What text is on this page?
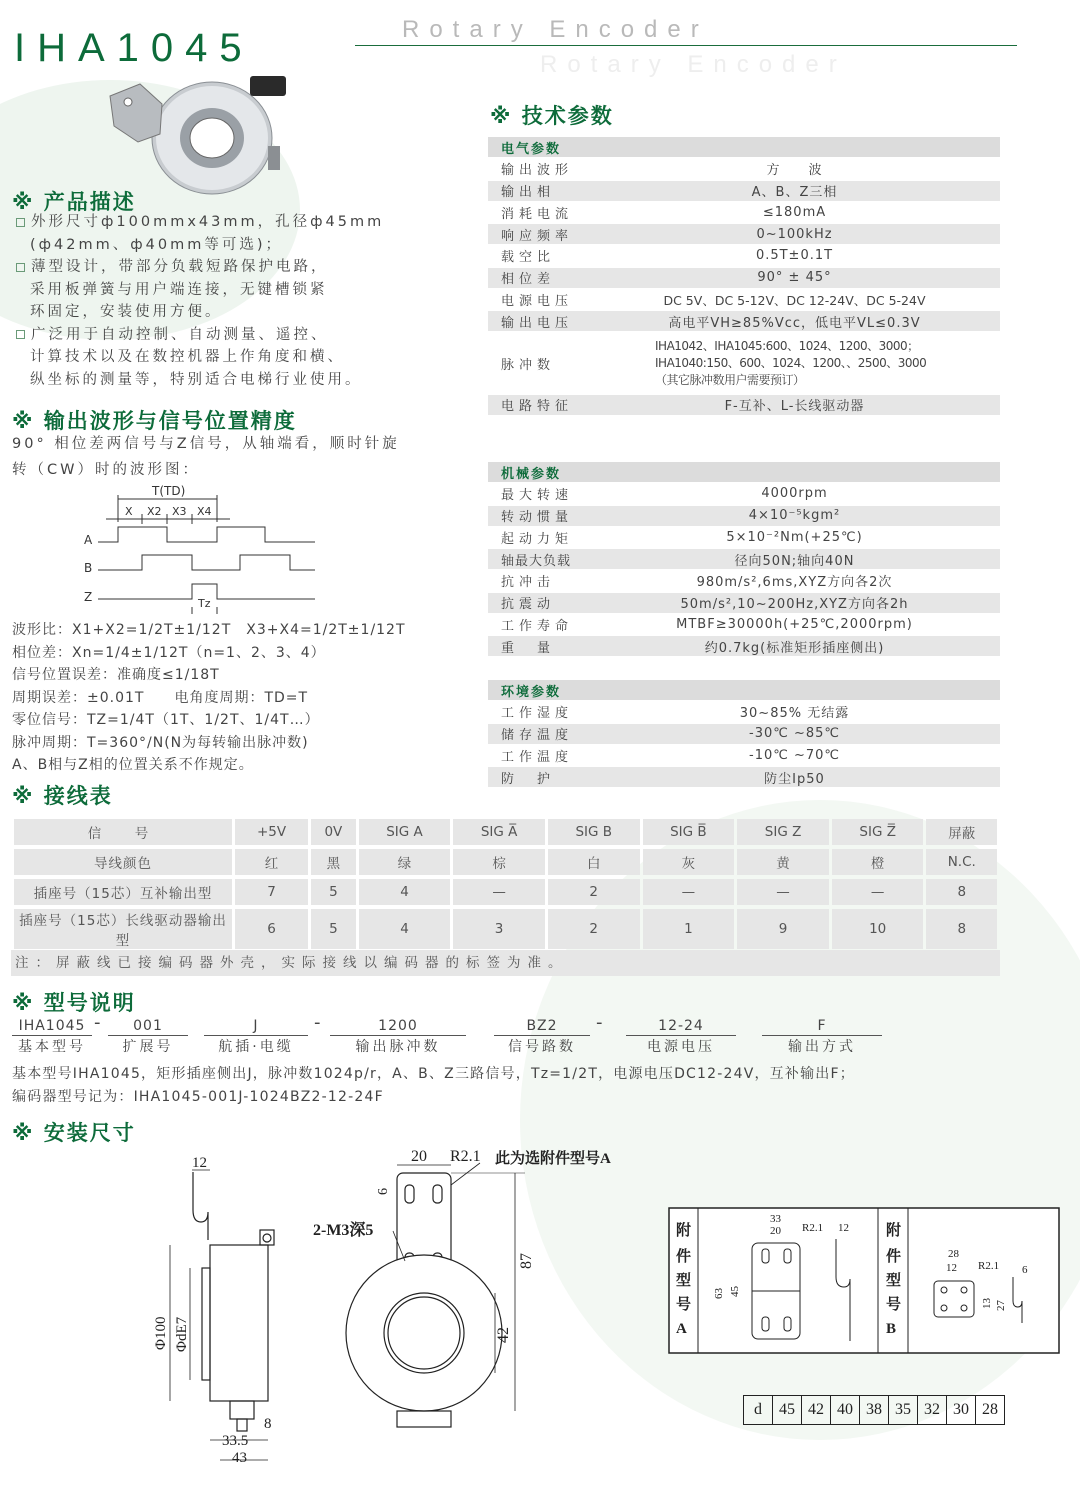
IHA1045	Rotary Encoder
Rotary Encoder
※ 产品描述
外形尺寸ф100mmx43mm，孔径ф45mm
(ф42mm、ф40mm等可选)；
薄型设计，带部分负载短路保护电路，
采用板弹簧与用户端连接，无键槽锁紧
环固定，安装使用方便。
广泛用于自动控制、自动测量、遥控、
计算技术以及在数控机器上作角度和横、
纵坐标的测量等，特别适合电梯行业使用。
※ 输出波形与信号位置精度
90° 相位差两信号与Z信号，从轴端看，顺时针旋
转（CW）时的波形图：
T(TD)
X X2 X3 X4
A
B
Z	Tz
波形比：X1+X2=1/2T±1/12T　X3+X4=1/2T±1/12T
相位差：Xn=1/4±1/12T（n=1、2、3、4）
信号位置误差：准确度≤1/18T
周期误差：±0.01T　　电角度周期：TD=T
零位信号：TZ=1/4T（1T、1/2T、1/4T…）
脉冲周期：T=360°/N(N为每转输出脉冲数)
A、B相与Z相的位置关系不作规定。
※ 技术参数
电气参数
输出波形	方　　波
输出相	A、B、Z三相
消耗电流	≤180mA
响应频率	0~100kHz
载空比	0.5T±0.1T
相位差	90° ± 45°
电源电压	DC 5V、DC 5-12V、DC 12-24V、DC 5-24V
输出电压	高电平VH≥85%Vcc，低电平VL≤0.3V
脉冲数
IHA1042、IHA1045:600、1024、1200、3000；
IHA1040:150、600、1024、1200、、2500、3000
（其它脉冲数用户需要预订）
电路特征	F-互补、L-长线驱动器
机械参数
最大转速	4000rpm
转动惯量	4×10⁻⁵kgm²
起动力矩	5×10⁻²Nm(+25℃)
轴最大负载	径向50N;轴向40N
抗冲击	980m/s²,6ms,XYZ方向各2次
抗震动	50m/s²,10~200Hz,XYZ方向各2h
工作寿命	MTBF≥30000h(+25℃,2000rpm)
重　量	约0.7kg(标准矩形插座侧出)
环境参数
工作湿度	30~85% 无结露
储存温度	-30℃ ~85℃
工作温度	-10℃ ~70℃
防　护	防尘Ip50
※ 接线表
信　号	+5V	0V	SIG A	SIG A̅	SIG B	SIG B̅	SIG Z	SIG Z̅	屏蔽
导线颜色	红	黑	绿	棕	白	灰	黄	橙	N.C.
插座号（15芯）互补输出型	7	5	4	—	2	—	—	—	8
插座号（15芯）长线驱动器输出型	6	5	4	3	2	1	9	10	8
注：屏蔽线已接编码器外壳，实际接线以编码器的标签为准。
※ 型号说明
IHA1045
基本型号
-	001
扩展号
J
航插·电缆
-	1200
输出脉冲数
BZ2
信号路数
-	12-24
电源电压
F
输出方式
基本型号IHA1045，矩形插座侧出J，脉冲数1024p/r，A、B、Z三路信号，Tz=1/2T，电源电压DC12-24V，互补输出F；
编码器型号记为：IHA1045-001J-1024BZ2-12-24F
※ 安装尺寸
12
Φ100 ΦdE7
8
33.5
43
20 R2.1 此为选附件型号A
6
2-M3深5
87
42
附
件
型
号
A
33
20 R2.1 12
63 45
附
件
型
号
B
28
12 R2.1 6
13 27
d	45	42	40	38	35	32	30	28
